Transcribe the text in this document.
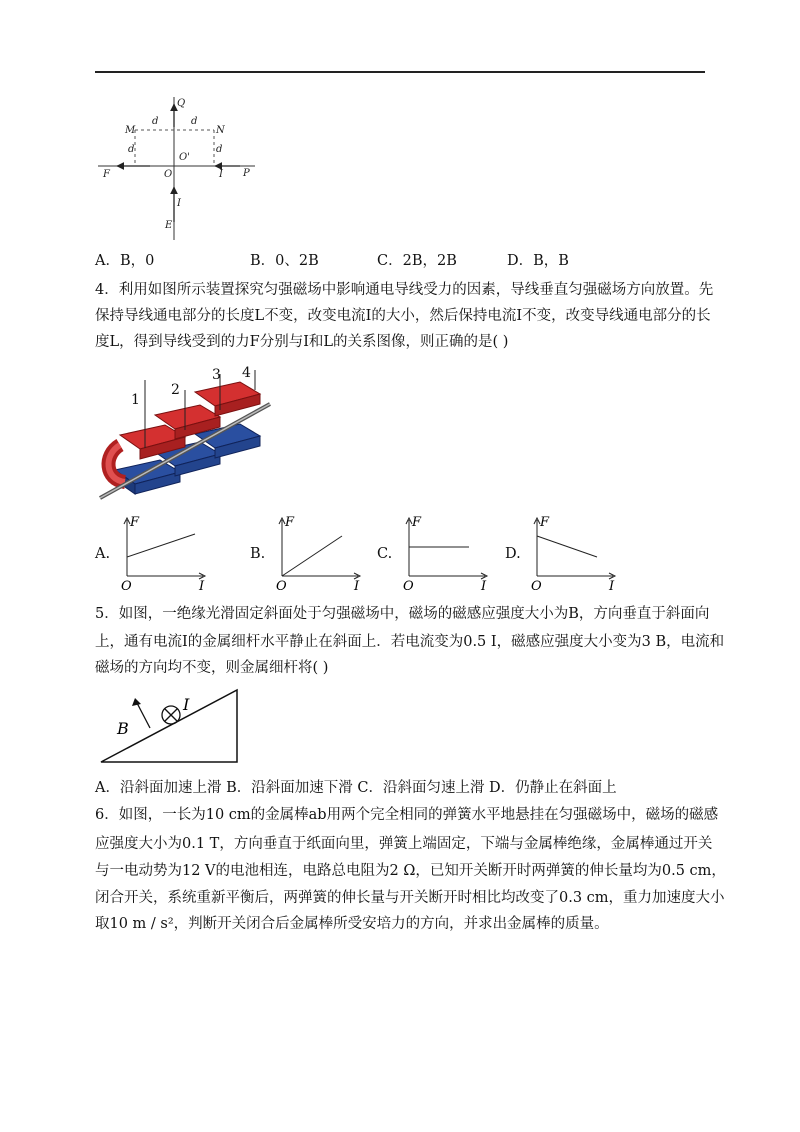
Q
M	N
F	P
E
O
O'
I
I
d	d
d	d
A．B，0	B．0、2B	C．2B，2B	D．B，B
4．利用如图所示装置探究匀强磁场中影响通电导线受力的因素，导线垂直匀强磁场方向放置。先
保持导线通电部分的长度L不变，改变电流I的大小，然后保持电流I不变，改变导线通电部分的长
度L，得到导线受到的力F分别与I和L的关系图像，则正确的是( )
1
2
3 4
A.
F
I
O
B.
F
I
O
C.
F
I
O
D.
F
I
O
5．如图，一绝缘光滑固定斜面处于匀强磁场中，磁场的磁感应强度大小为B，方向垂直于斜面向
上，通有电流I的金属细杆水平静止在斜面上．若电流变为0.5 I，磁感应强度大小变为3 B，电流和
磁场的方向均不变，则金属细杆将( )
B
I
A．沿斜面加速上滑 B．沿斜面加速下滑 C．沿斜面匀速上滑 D．仍静止在斜面上
6．如图，一长为10 cm的金属棒ab用两个完全相同的弹簧水平地悬挂在匀强磁场中，磁场的磁感
应强度大小为0.1 T，方向垂直于纸面向里，弹簧上端固定，下端与金属棒绝缘，金属棒通过开关
与一电动势为12 V的电池相连，电路总电阻为2 Ω，已知开关断开时两弹簧的伸长量均为0.5 cm，
闭合开关，系统重新平衡后，两弹簧的伸长量与开关断开时相比均改变了0.3 cm，重力加速度大小
取10 m / s²，判断开关闭合后金属棒所受安培力的方向，并求出金属棒的质量。
